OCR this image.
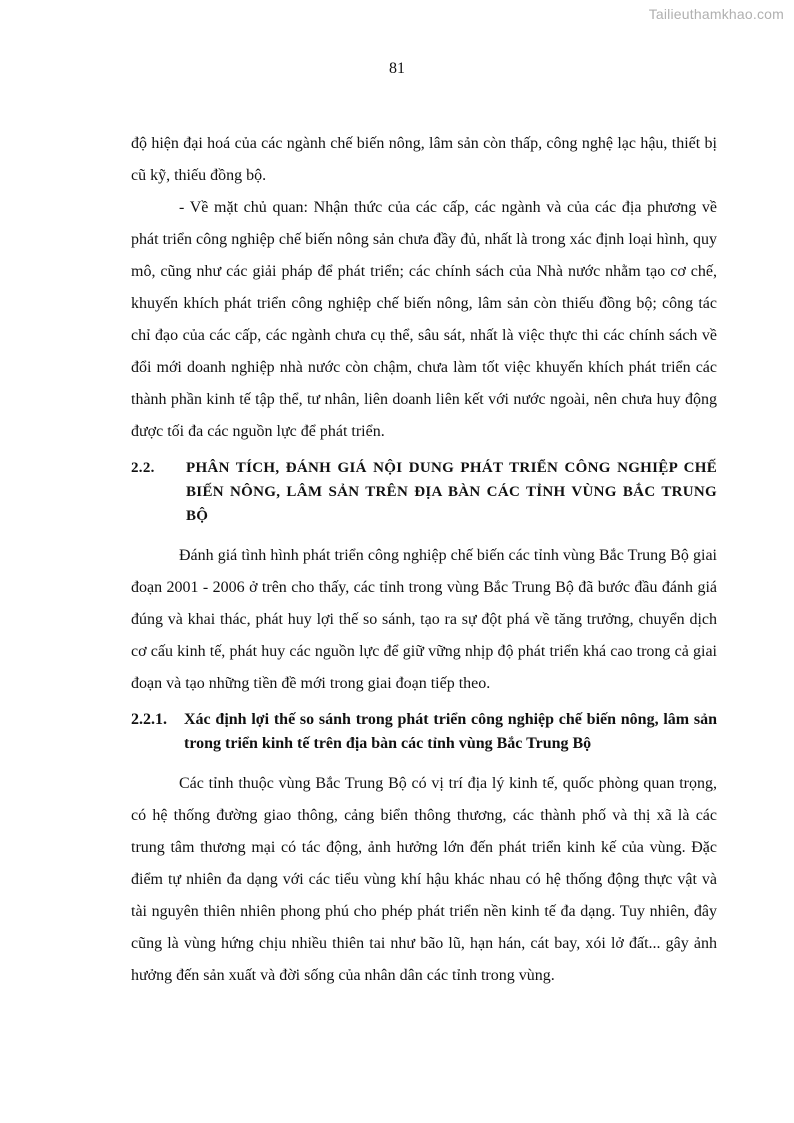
Tailieuthamkhao.com
81

độ hiện đại hoá của các ngành chế biến nông, lâm sản còn thấp, công nghệ lạc hậu, thiết bị cũ kỹ, thiếu đồng bộ.

- Về mặt chủ quan: Nhận thức của các cấp, các ngành và của các địa phương về phát triển công nghiệp chế biến nông sản chưa đầy đủ, nhất là trong xác định loại hình, quy mô, cũng như các giải pháp để phát triển; các chính sách của Nhà nước nhằm tạo cơ chế, khuyến khích phát triển công nghiệp chế biến nông, lâm sản còn thiếu đồng bộ; công tác chỉ đạo của các cấp, các ngành chưa cụ thể, sâu sát, nhất là việc thực thi các chính sách về đổi mới doanh nghiệp nhà nước còn chậm, chưa làm tốt việc khuyến khích phát triển các thành phần kinh tế tập thể, tư nhân, liên doanh liên kết với nước ngoài, nên chưa huy động được tối đa các nguồn lực để phát triển.

2.2.	PHÂN TÍCH, ĐÁNH GIÁ NỘI DUNG PHÁT TRIỂN CÔNG NGHIỆP CHẾ BIẾN NÔNG, LÂM SẢN TRÊN ĐỊA BÀN CÁC TỈNH VÙNG BẮC TRUNG BỘ

Đánh giá tình hình phát triển công nghiệp chế biến các tỉnh vùng Bắc Trung Bộ giai đoạn 2001 - 2006 ở trên cho thấy, các tỉnh trong vùng Bắc Trung Bộ đã bước đầu đánh giá đúng và khai thác, phát huy lợi thế so sánh, tạo ra sự đột phá về tăng trưởng, chuyển dịch cơ cấu kinh tế, phát huy các nguồn lực để giữ vững nhịp độ phát triển khá cao trong cả giai đoạn và tạo những tiền đề mới trong giai đoạn tiếp theo.

2.2.1.	Xác định lợi thế so sánh trong phát triển công nghiệp chế biến nông, lâm sản trong triển kinh tế trên địa bàn các tỉnh vùng Bắc Trung Bộ

Các tỉnh thuộc vùng Bắc Trung Bộ có vị trí địa lý kinh tế, quốc phòng quan trọng, có hệ thống đường giao thông, cảng biển thông thương, các thành phố và thị xã là các trung tâm thương mại có tác động, ảnh hưởng lớn đến phát triển kinh kế của vùng. Đặc điểm tự nhiên đa dạng với các tiểu vùng khí hậu khác nhau có hệ thống động thực vật và tài nguyên thiên nhiên phong phú cho phép phát triển nền kinh tế đa dạng. Tuy nhiên, đây cũng là vùng hứng chịu nhiều thiên tai như bão lũ, hạn hán, cát bay, xói lở đất... gây ảnh hưởng đến sản xuất và đời sống của nhân dân các tỉnh trong vùng.
